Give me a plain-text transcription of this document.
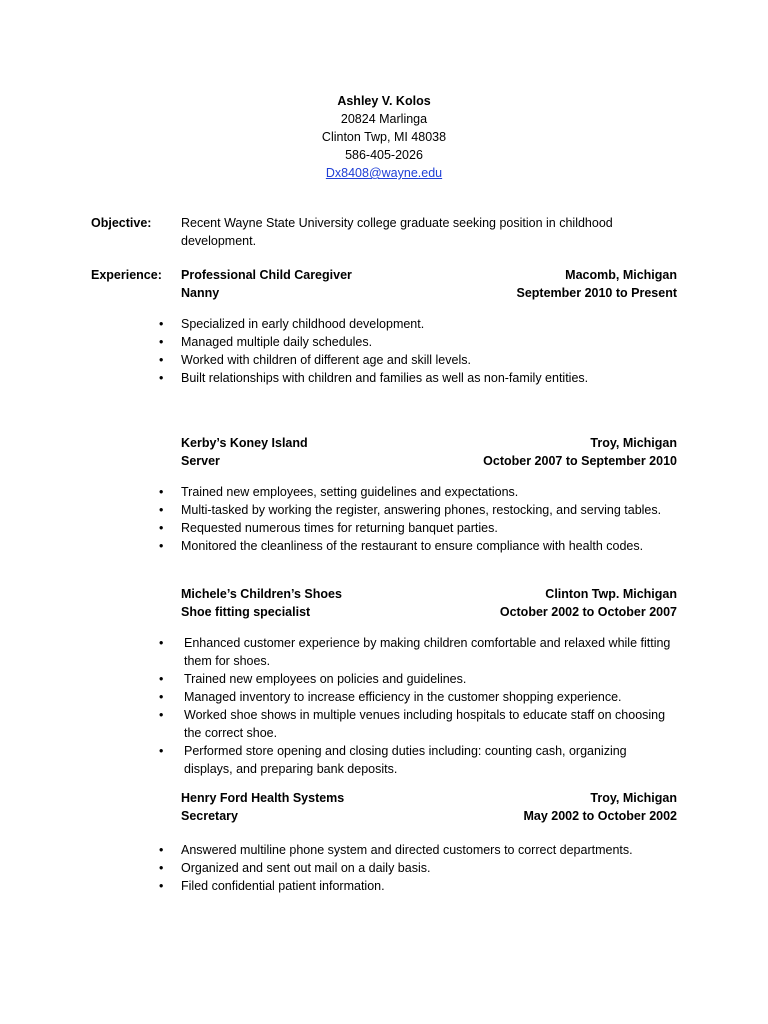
Ashley V. Kolos
20824 Marlinga
Clinton Twp, MI 48038
586-405-2026
Dx8408@wayne.edu
Objective: Recent Wayne State University college graduate seeking position in childhood development.
Experience: Professional Child Caregiver	Macomb, Michigan
Nanny	September 2010 to Present
• Specialized in early childhood development.
• Managed multiple daily schedules.
• Worked with children of different age and skill levels.
• Built relationships with children and families as well as non-family entities.
Kerby’s Koney Island	Troy, Michigan
Server	October 2007 to September 2010
• Trained new employees, setting guidelines and expectations.
• Multi-tasked by working the register, answering phones, restocking, and serving tables.
• Requested numerous times for returning banquet parties.
• Monitored the cleanliness of the restaurant to ensure compliance with health codes.
Michele’s Children’s Shoes	Clinton Twp. Michigan
Shoe fitting specialist	October 2002 to October 2007
• Enhanced customer experience by making children comfortable and relaxed while fitting them for shoes.
• Trained new employees on policies and guidelines.
• Managed inventory to increase efficiency in the customer shopping experience.
• Worked shoe shows in multiple venues including hospitals to educate staff on choosing the correct shoe.
• Performed store opening and closing duties including: counting cash, organizing displays, and preparing bank deposits.
Henry Ford Health Systems	Troy, Michigan
Secretary	May 2002 to October 2002
• Answered multiline phone system and directed customers to correct departments.
• Organized and sent out mail on a daily basis.
• Filed confidential patient information.
